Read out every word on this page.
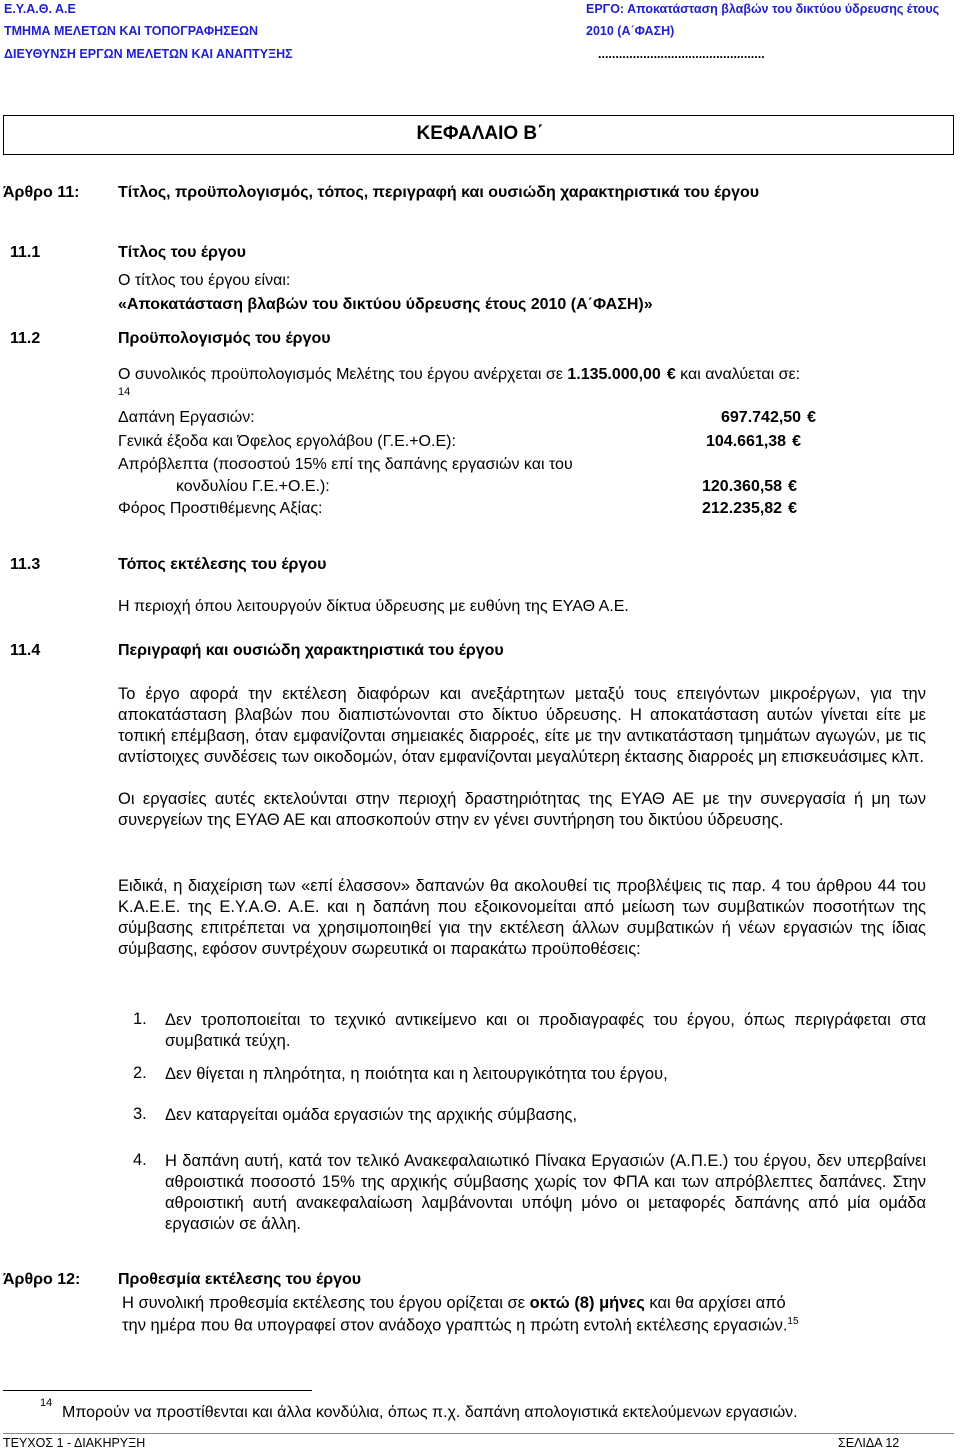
Ε.Υ.Α.Θ. Α.Ε
ΤΜΗΜΑ ΜΕΛΕΤΩΝ ΚΑΙ ΤΟΠΟΓΡΑΦΗΣΕΩΝ
ΔΙΕΥΘΥΝΣΗ ΕΡΓΩΝ ΜΕΛΕΤΩΝ ΚΑΙ ΑΝΑΠΤΥΞΗΣ
ΕΡΓΟ: Αποκατάσταση βλαβών του δικτύου ύδρευσης έτους
2010 (Α΄ΦΑΣΗ)
................................................
ΚΕΦΑΛΑΙΟ Β΄
Άρθρο 11: Τίτλος, προϋπολογισμός, τόπος, περιγραφή και ουσιώδη χαρακτηριστικά του έργου
11.1	Τίτλος του έργου
Ο τίτλος του έργου είναι:
«Αποκατάσταση βλαβών του δικτύου ύδρευσης έτους 2010 (Α΄ΦΑΣΗ)»
11.2	Προϋπολογισμός του έργου
Ο συνολικός προϋπολογισμός Μελέτης του έργου ανέρχεται σε 1.135.000,00 € και αναλύεται σε:
14
Δαπάνη Εργασιών:	697.742,50 €
Γενικά έξοδα και Όφελος εργολάβου (Γ.Ε.+Ο.Ε):	104.661,38 €
Απρόβλεπτα (ποσοστού 15% επί της δαπάνης εργασιών και του
κονδυλίου Γ.Ε.+Ο.Ε.):	120.360,58 €
Φόρος Προστιθέμενης Αξίας:	212.235,82 €
11.3	Τόπος εκτέλεσης του έργου
Η περιοχή όπου λειτουργούν δίκτυα ύδρευσης με ευθύνη της ΕΥΑΘ Α.Ε.
11.4	Περιγραφή και ουσιώδη χαρακτηριστικά του έργου
Το έργο αφορά την εκτέλεση διαφόρων και ανεξάρτητων μεταξύ τους επειγόντων μικροέργων, για την αποκατάσταση βλαβών που διαπιστώνονται στο δίκτυο ύδρευσης. Η αποκατάσταση αυτών γίνεται είτε με τοπική επέμβαση, όταν εμφανίζονται σημειακές διαρροές, είτε με την αντικατάσταση τμημάτων αγωγών, με τις αντίστοιχες συνδέσεις των οικοδομών, όταν εμφανίζονται μεγαλύτερη έκτασης διαρροές μη επισκευάσιμες κλπ.
Οι εργασίες αυτές εκτελούνται στην περιοχή δραστηριότητας της ΕΥΑΘ ΑΕ με την συνεργασία ή μη των συνεργείων της ΕΥΑΘ ΑΕ και αποσκοπούν στην εν γένει συντήρηση του δικτύου ύδρευσης.
Ειδικά, η διαχείριση των «επί έλασσον» δαπανών θα ακολουθεί τις προβλέψεις τις παρ. 4 του άρθρου 44 του Κ.Α.Ε.Ε. της Ε.Υ.Α.Θ. Α.Ε. και η δαπάνη που εξοικονομείται από μείωση των συμβατικών ποσοτήτων της σύμβασης επιτρέπεται να χρησιμοποιηθεί για την εκτέλεση άλλων συμβατικών ή νέων εργασιών της ίδιας σύμβασης, εφόσον συντρέχουν σωρευτικά οι παρακάτω προϋποθέσεις:
1. Δεν τροποποιείται το τεχνικό αντικείμενο και οι προδιαγραφές του έργου, όπως περιγράφεται στα συμβατικά τεύχη.
2. Δεν θίγεται η πληρότητα, η ποιότητα και η λειτουργικότητα του έργου,
3. Δεν καταργείται ομάδα εργασιών της αρχικής σύμβασης,
4. Η δαπάνη αυτή, κατά τον τελικό Ανακεφαλαιωτικό Πίνακα Εργασιών (Α.Π.Ε.) του έργου, δεν υπερβαίνει αθροιστικά ποσοστό 15% της αρχικής σύμβασης χωρίς τον ΦΠΑ και των απρόβλεπτες δαπάνες. Στην αθροιστική αυτή ανακεφαλαίωση λαμβάνονται υπόψη μόνο οι μεταφορές δαπάνης από μία ομάδα εργασιών σε άλλη.
Άρθρο 12: Προθεσμία εκτέλεσης του έργου
Η συνολική προθεσμία εκτέλεσης του έργου ορίζεται σε οκτώ (8) μήνες και θα αρχίσει από
την ημέρα που θα υπογραφεί στον ανάδοχο γραπτώς η πρώτη εντολή εκτέλεσης εργασιών.$^{15}$
14
Μπορούν να προστίθενται και άλλα κονδύλια, όπως π.χ. δαπάνη απολογιστικά εκτελούμενων εργασιών.
ΤΕΥΧΟΣ 1 - ΔΙΑΚΗΡΥΞΗ	ΣΕΛΙΔΑ 12
